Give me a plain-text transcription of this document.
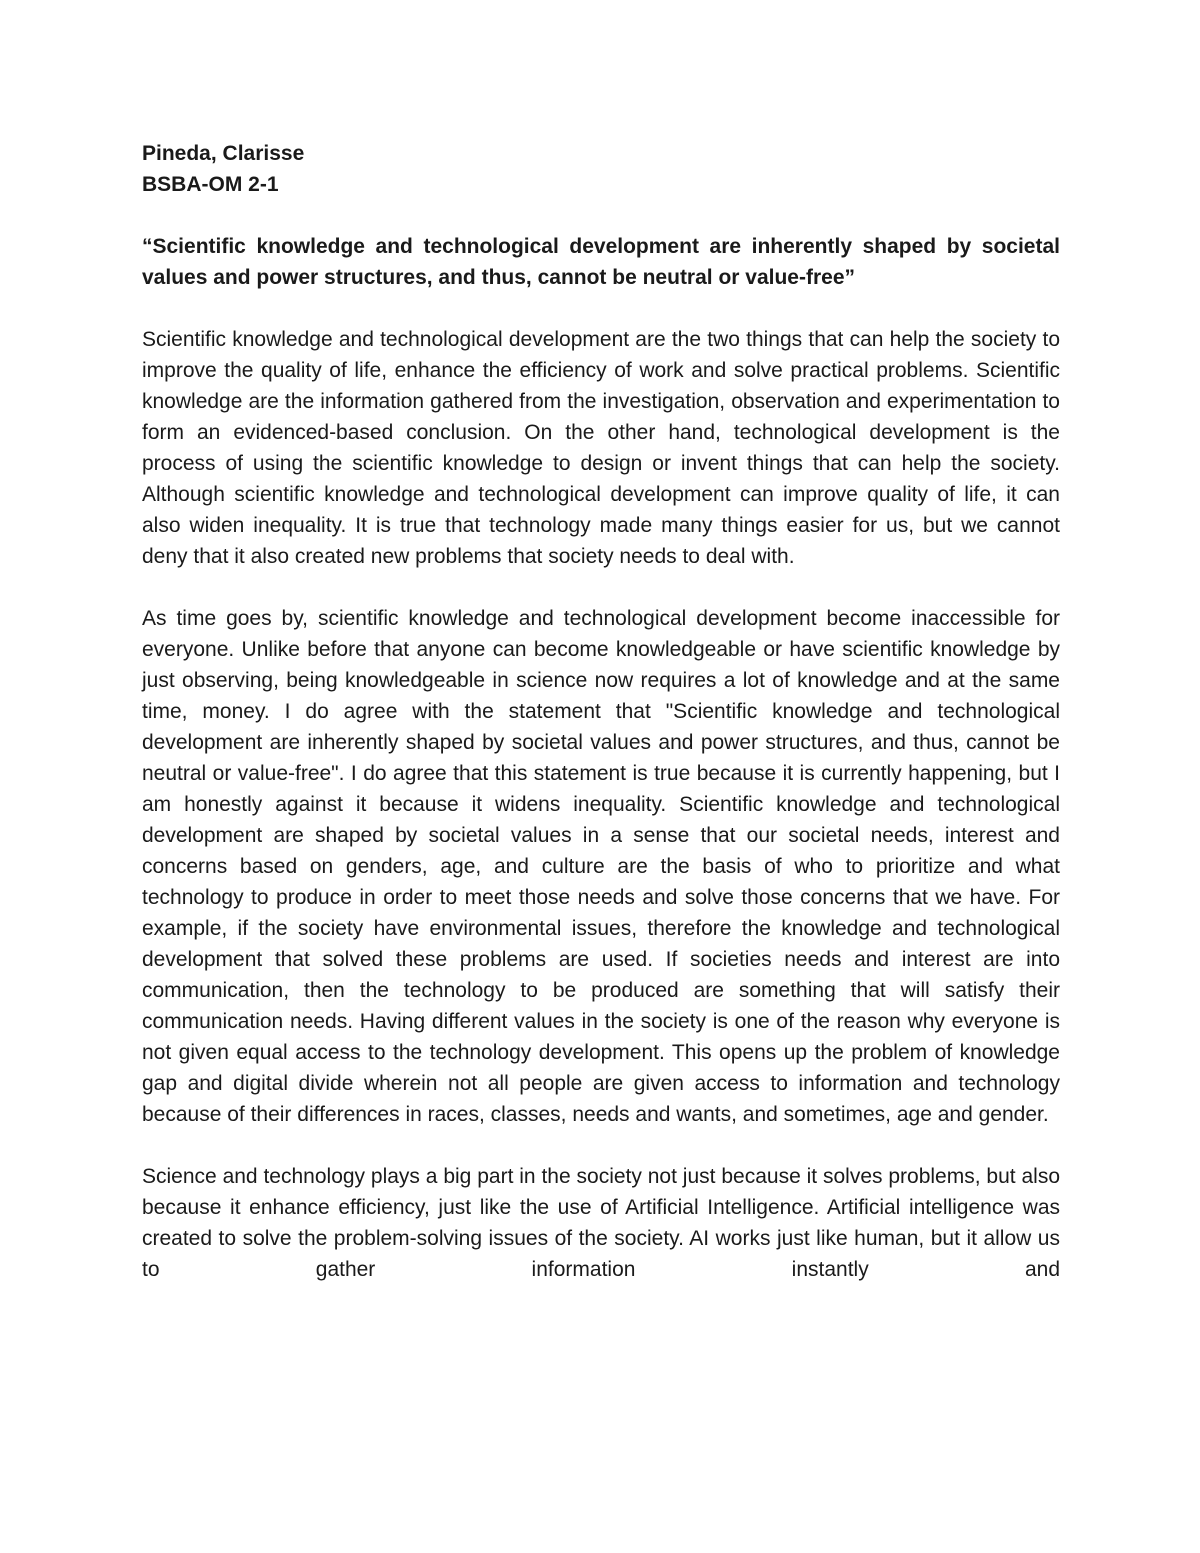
Pineda, Clarisse

BSBA-OM 2-1

“Scientific knowledge and technological development are inherently shaped by societal values and power structures, and thus, cannot be neutral or value-free”

Scientific knowledge and technological development are the two things that can help the society to improve the quality of life, enhance the efficiency of work and solve practical problems. Scientific knowledge are the information gathered from the investigation, observation and experimentation to form an evidenced-based conclusion. On the other hand, technological development is the process of using the scientific knowledge to design or invent things that can help the society. Although scientific knowledge and technological development can improve quality of life, it can also widen inequality. It is true that technology made many things easier for us, but we cannot deny that it also created new problems that society needs to deal with.

As time goes by, scientific knowledge and technological development become inaccessible for everyone. Unlike before that anyone can become knowledgeable or have scientific knowledge by just observing, being knowledgeable in science now requires a lot of knowledge and at the same time, money. I do agree with the statement that "Scientific knowledge and technological development are inherently shaped by societal values and power structures, and thus, cannot be neutral or value-free". I do agree that this statement is true because it is currently happening, but I am honestly against it because it widens inequality. Scientific knowledge and technological development are shaped by societal values in a sense that our societal needs, interest and concerns based on genders, age, and culture are the basis of who to prioritize and what technology to produce in order to meet those needs and solve those concerns that we have. For example, if the society have environmental issues, therefore the knowledge and technological development that solved these problems are used. If societies needs and interest are into communication, then the technology to be produced are something that will satisfy their communication needs. Having different values in the society is one of the reason why everyone is not given equal access to the technology development. This opens up the problem of knowledge gap and digital divide wherein not all people are given access to information and technology because of their differences in races, classes, needs and wants, and sometimes, age and gender.

Science and technology plays a big part in the society not just because it solves problems, but also because it enhance efficiency, just like the use of Artificial Intelligence. Artificial intelligence was created to solve the problem-solving issues of the society. AI works just like human, but it allow us to gather information instantly and
